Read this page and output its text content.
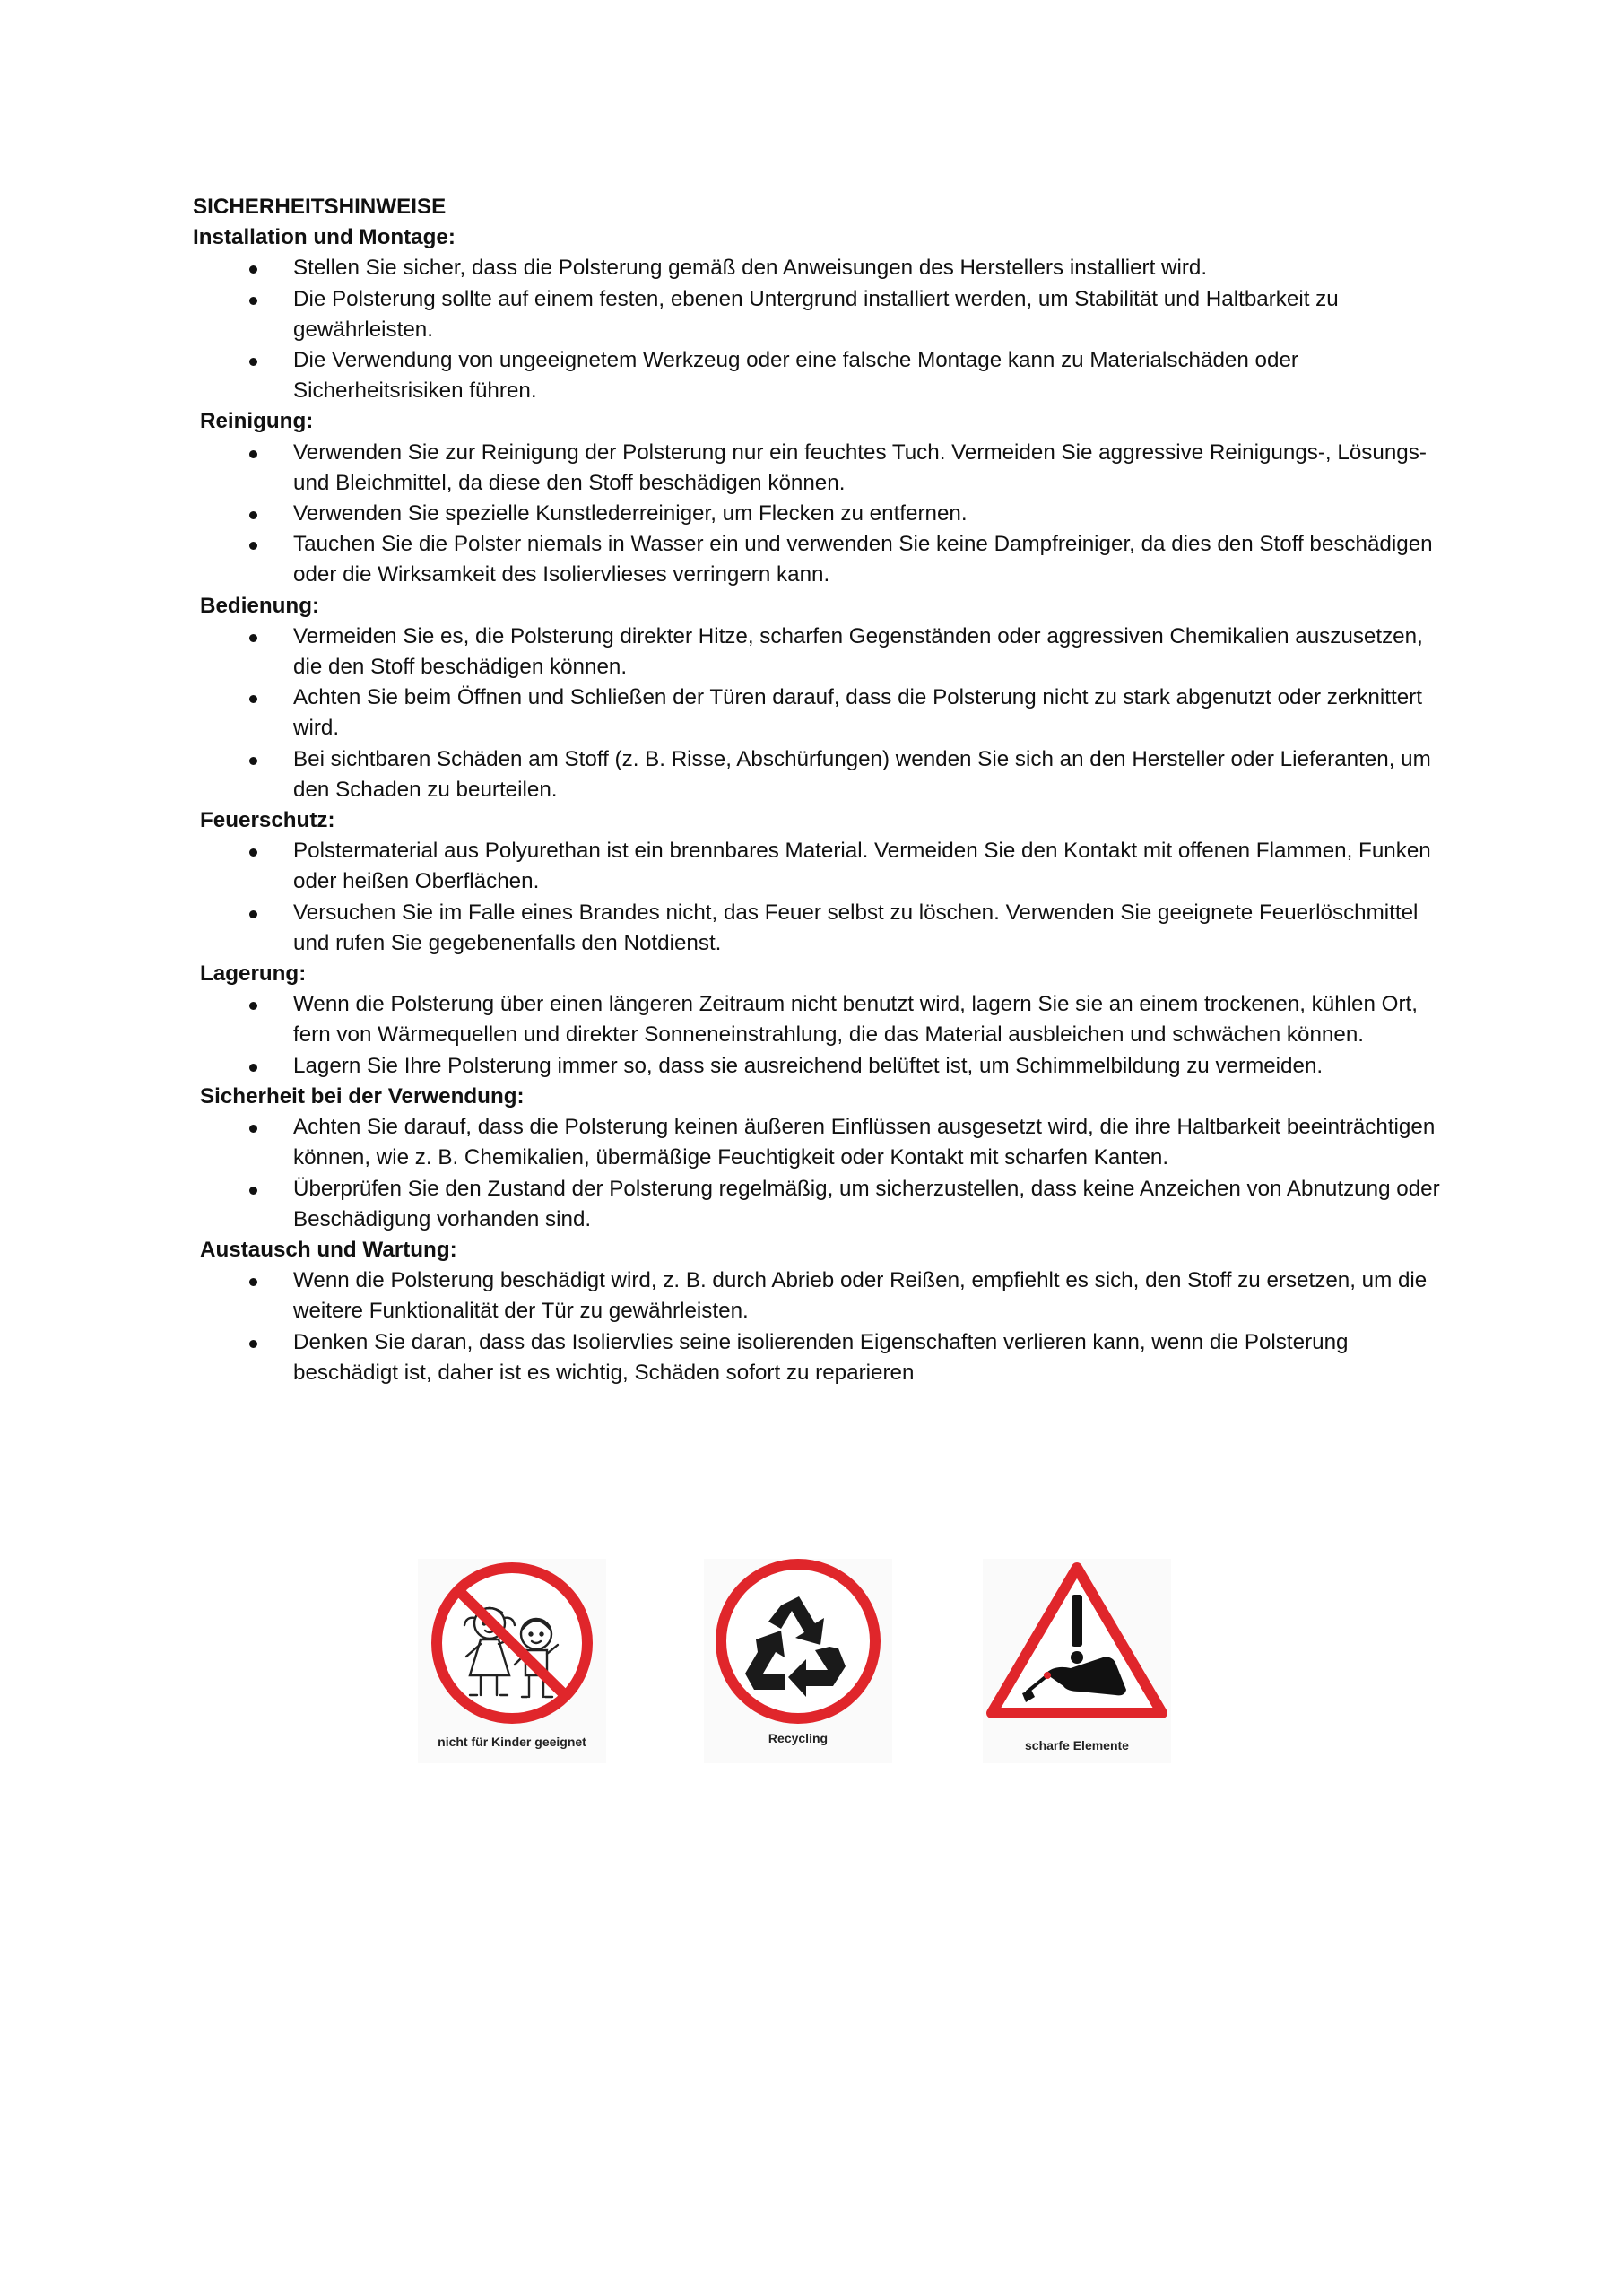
SICHERHEITSHINWEISE
Installation und Montage:
Stellen Sie sicher, dass die Polsterung gemäß den Anweisungen des Herstellers installiert wird.
Die Polsterung sollte auf einem festen, ebenen Untergrund installiert werden, um Stabilität und Haltbarkeit zu gewährleisten.
Die Verwendung von ungeeignetem Werkzeug oder eine falsche Montage kann zu Materialschäden oder Sicherheitsrisiken führen.
Reinigung:
Verwenden Sie zur Reinigung der Polsterung nur ein feuchtes Tuch. Vermeiden Sie aggressive Reinigungs-, Lösungs- und Bleichmittel, da diese den Stoff beschädigen können.
Verwenden Sie spezielle Kunstlederreiniger, um Flecken zu entfernen.
Tauchen Sie die Polster niemals in Wasser ein und verwenden Sie keine Dampfreiniger, da dies den Stoff beschädigen oder die Wirksamkeit des Isoliervlieses verringern kann.
Bedienung:
Vermeiden Sie es, die Polsterung direkter Hitze, scharfen Gegenständen oder aggressiven Chemikalien auszusetzen, die den Stoff beschädigen können.
Achten Sie beim Öffnen und Schließen der Türen darauf, dass die Polsterung nicht zu stark abgenutzt oder zerknittert wird.
Bei sichtbaren Schäden am Stoff (z. B. Risse, Abschürfungen) wenden Sie sich an den Hersteller oder Lieferanten, um den Schaden zu beurteilen.
Feuerschutz:
Polstermaterial aus Polyurethan ist ein brennbares Material. Vermeiden Sie den Kontakt mit offenen Flammen, Funken oder heißen Oberflächen.
Versuchen Sie im Falle eines Brandes nicht, das Feuer selbst zu löschen. Verwenden Sie geeignete Feuerlöschmittel und rufen Sie gegebenenfalls den Notdienst.
Lagerung:
Wenn die Polsterung über einen längeren Zeitraum nicht benutzt wird, lagern Sie sie an einem trockenen, kühlen Ort, fern von Wärmequellen und direkter Sonneneinstrahlung, die das Material ausbleichen und schwächen können.
Lagern Sie Ihre Polsterung immer so, dass sie ausreichend belüftet ist, um Schimmelbildung zu vermeiden.
Sicherheit bei der Verwendung:
Achten Sie darauf, dass die Polsterung keinen äußeren Einflüssen ausgesetzt wird, die ihre Haltbarkeit beeinträchtigen können, wie z. B. Chemikalien, übermäßige Feuchtigkeit oder Kontakt mit scharfen Kanten.
Überprüfen Sie den Zustand der Polsterung regelmäßig, um sicherzustellen, dass keine Anzeichen von Abnutzung oder Beschädigung vorhanden sind.
Austausch und Wartung:
Wenn die Polsterung beschädigt wird, z. B. durch Abrieb oder Reißen, empfiehlt es sich, den Stoff zu ersetzen, um die weitere Funktionalität der Tür zu gewährleisten.
Denken Sie daran, dass das Isoliervlies seine isolierenden Eigenschaften verlieren kann, wenn die Polsterung beschädigt ist, daher ist es wichtig, Schäden sofort zu reparieren
nicht für Kinder geeignet	Recycling	scharfe Elemente
